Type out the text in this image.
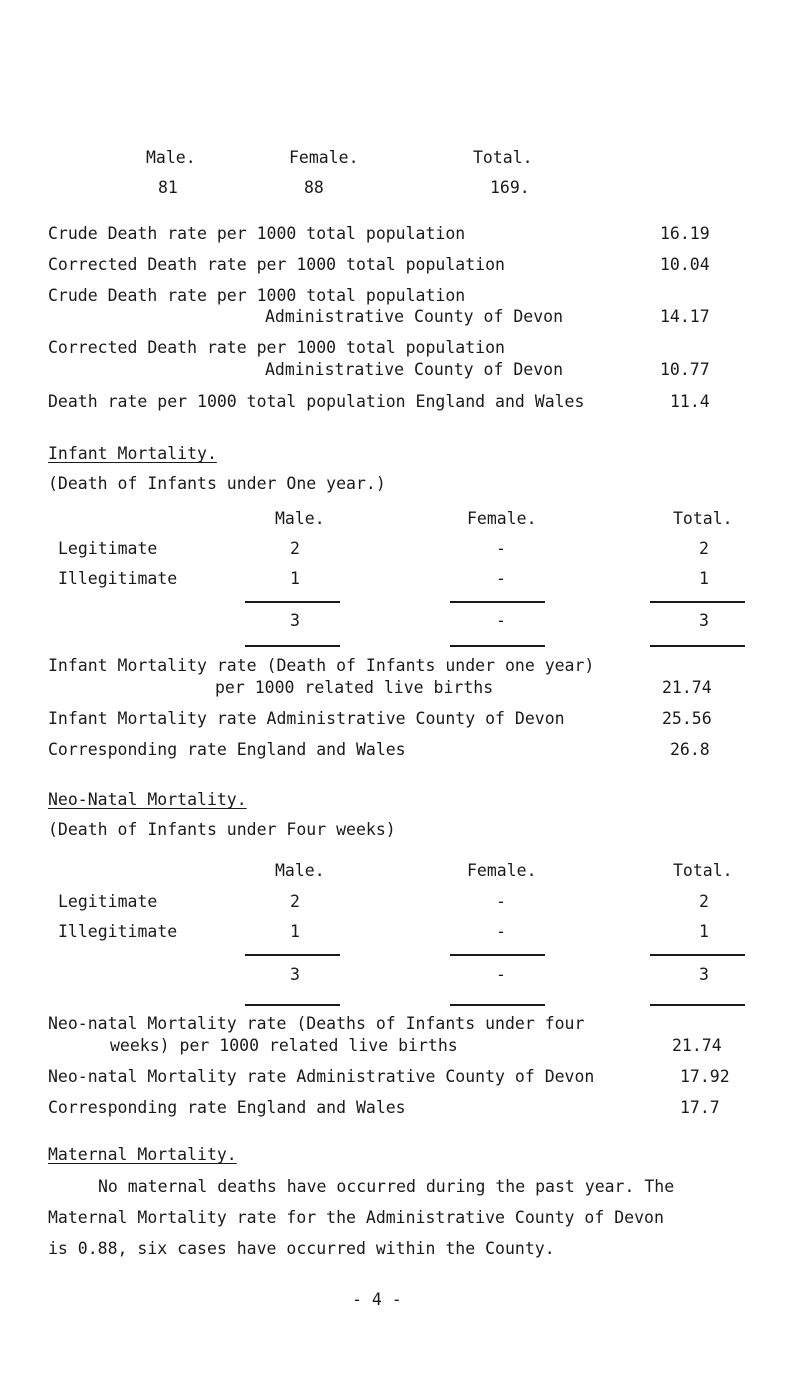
Male.	Female.	Total.
81	88	169.
Crude Death rate per 1000 total population	16.19
Corrected Death rate per 1000 total population	10.04
Crude Death rate per 1000 total population
Administrative County of Devon	14.17
Corrected Death rate per 1000 total population
Administrative County of Devon	10.77
Death rate per 1000 total population England and Wales	11.4
Infant Mortality.
(Death of Infants under One year.)
Male.	Female.	Total.
Legitimate	2	-	2
Illegitimate	1	-	1
3	-	3
Infant Mortality rate (Death of Infants under one year)
per 1000 related live births	21.74
Infant Mortality rate Administrative County of Devon	25.56
Corresponding rate England and Wales	26.8
Neo-Natal Mortality.
(Death of Infants under Four weeks)
Male.	Female.	Total.
Legitimate	2	-	2
Illegitimate	1	-	1
3	-	3
Neo-natal Mortality rate (Deaths of Infants under four
weeks) per 1000 related live births	21.74
Neo-natal Mortality rate Administrative County of Devon	17.92
Corresponding rate England and Wales	17.7
Maternal Mortality.
No maternal deaths have occurred during the past year. The
Maternal Mortality rate for the Administrative County of Devon
is 0.88, six cases have occurred within the County.
- 4 -
